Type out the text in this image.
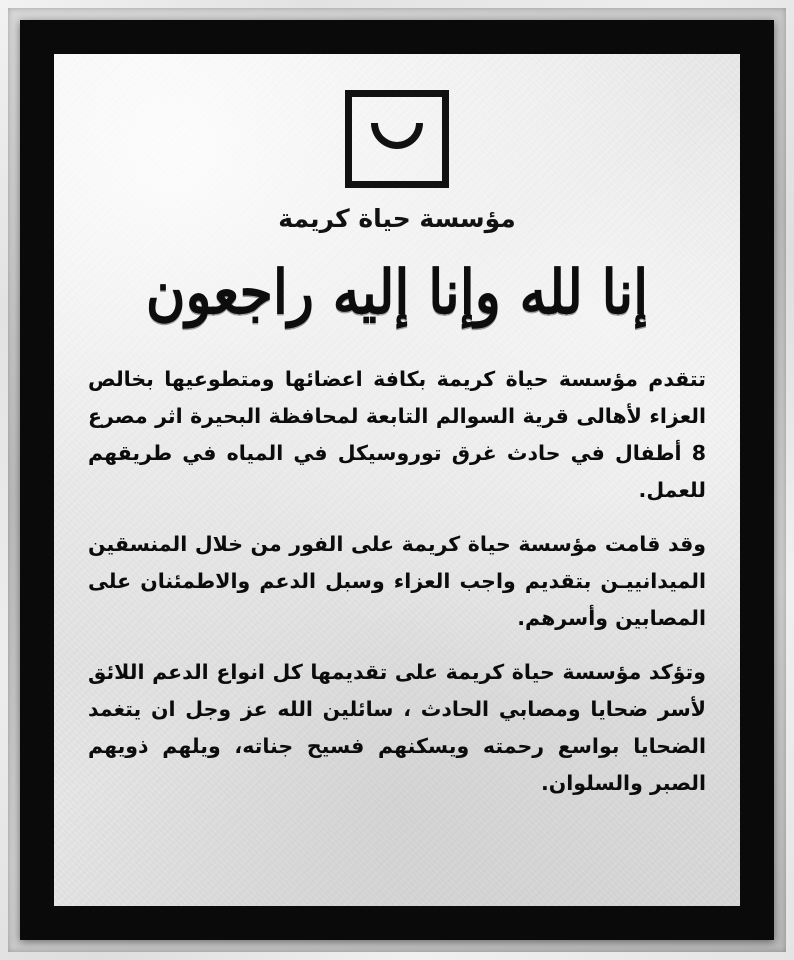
مؤسسة حياة كريمة
إنا لله وإنا إليه راجعون

تتقدم مؤسسة حياة كريمة بكافة اعضائها ومتطوعيها بخالص العزاء لأهالى قرية السوالم التابعة لمحافظة البحيرة اثر مصرع 8 أطفال في حادث غرق توروسيكل في المياه في طريقهم للعمل.

وقد قامت مؤسسة حياة كريمة على الفور من خلال المنسقين الميدانييـن بتقديم واجب العزاء وسبل الدعم والاطمئنان على المصابين وأسرهم.

وتؤكد مؤسسة حياة كريمة على تقديمها كل انواع الدعم اللائق لأسر ضحايا ومصابي الحادث ، سائلين الله عز وجل ان يتغمد الضحايا بواسع رحمته ويسكنهم فسيح جناته، ويلهم ذويهم الصبر والسلوان.
